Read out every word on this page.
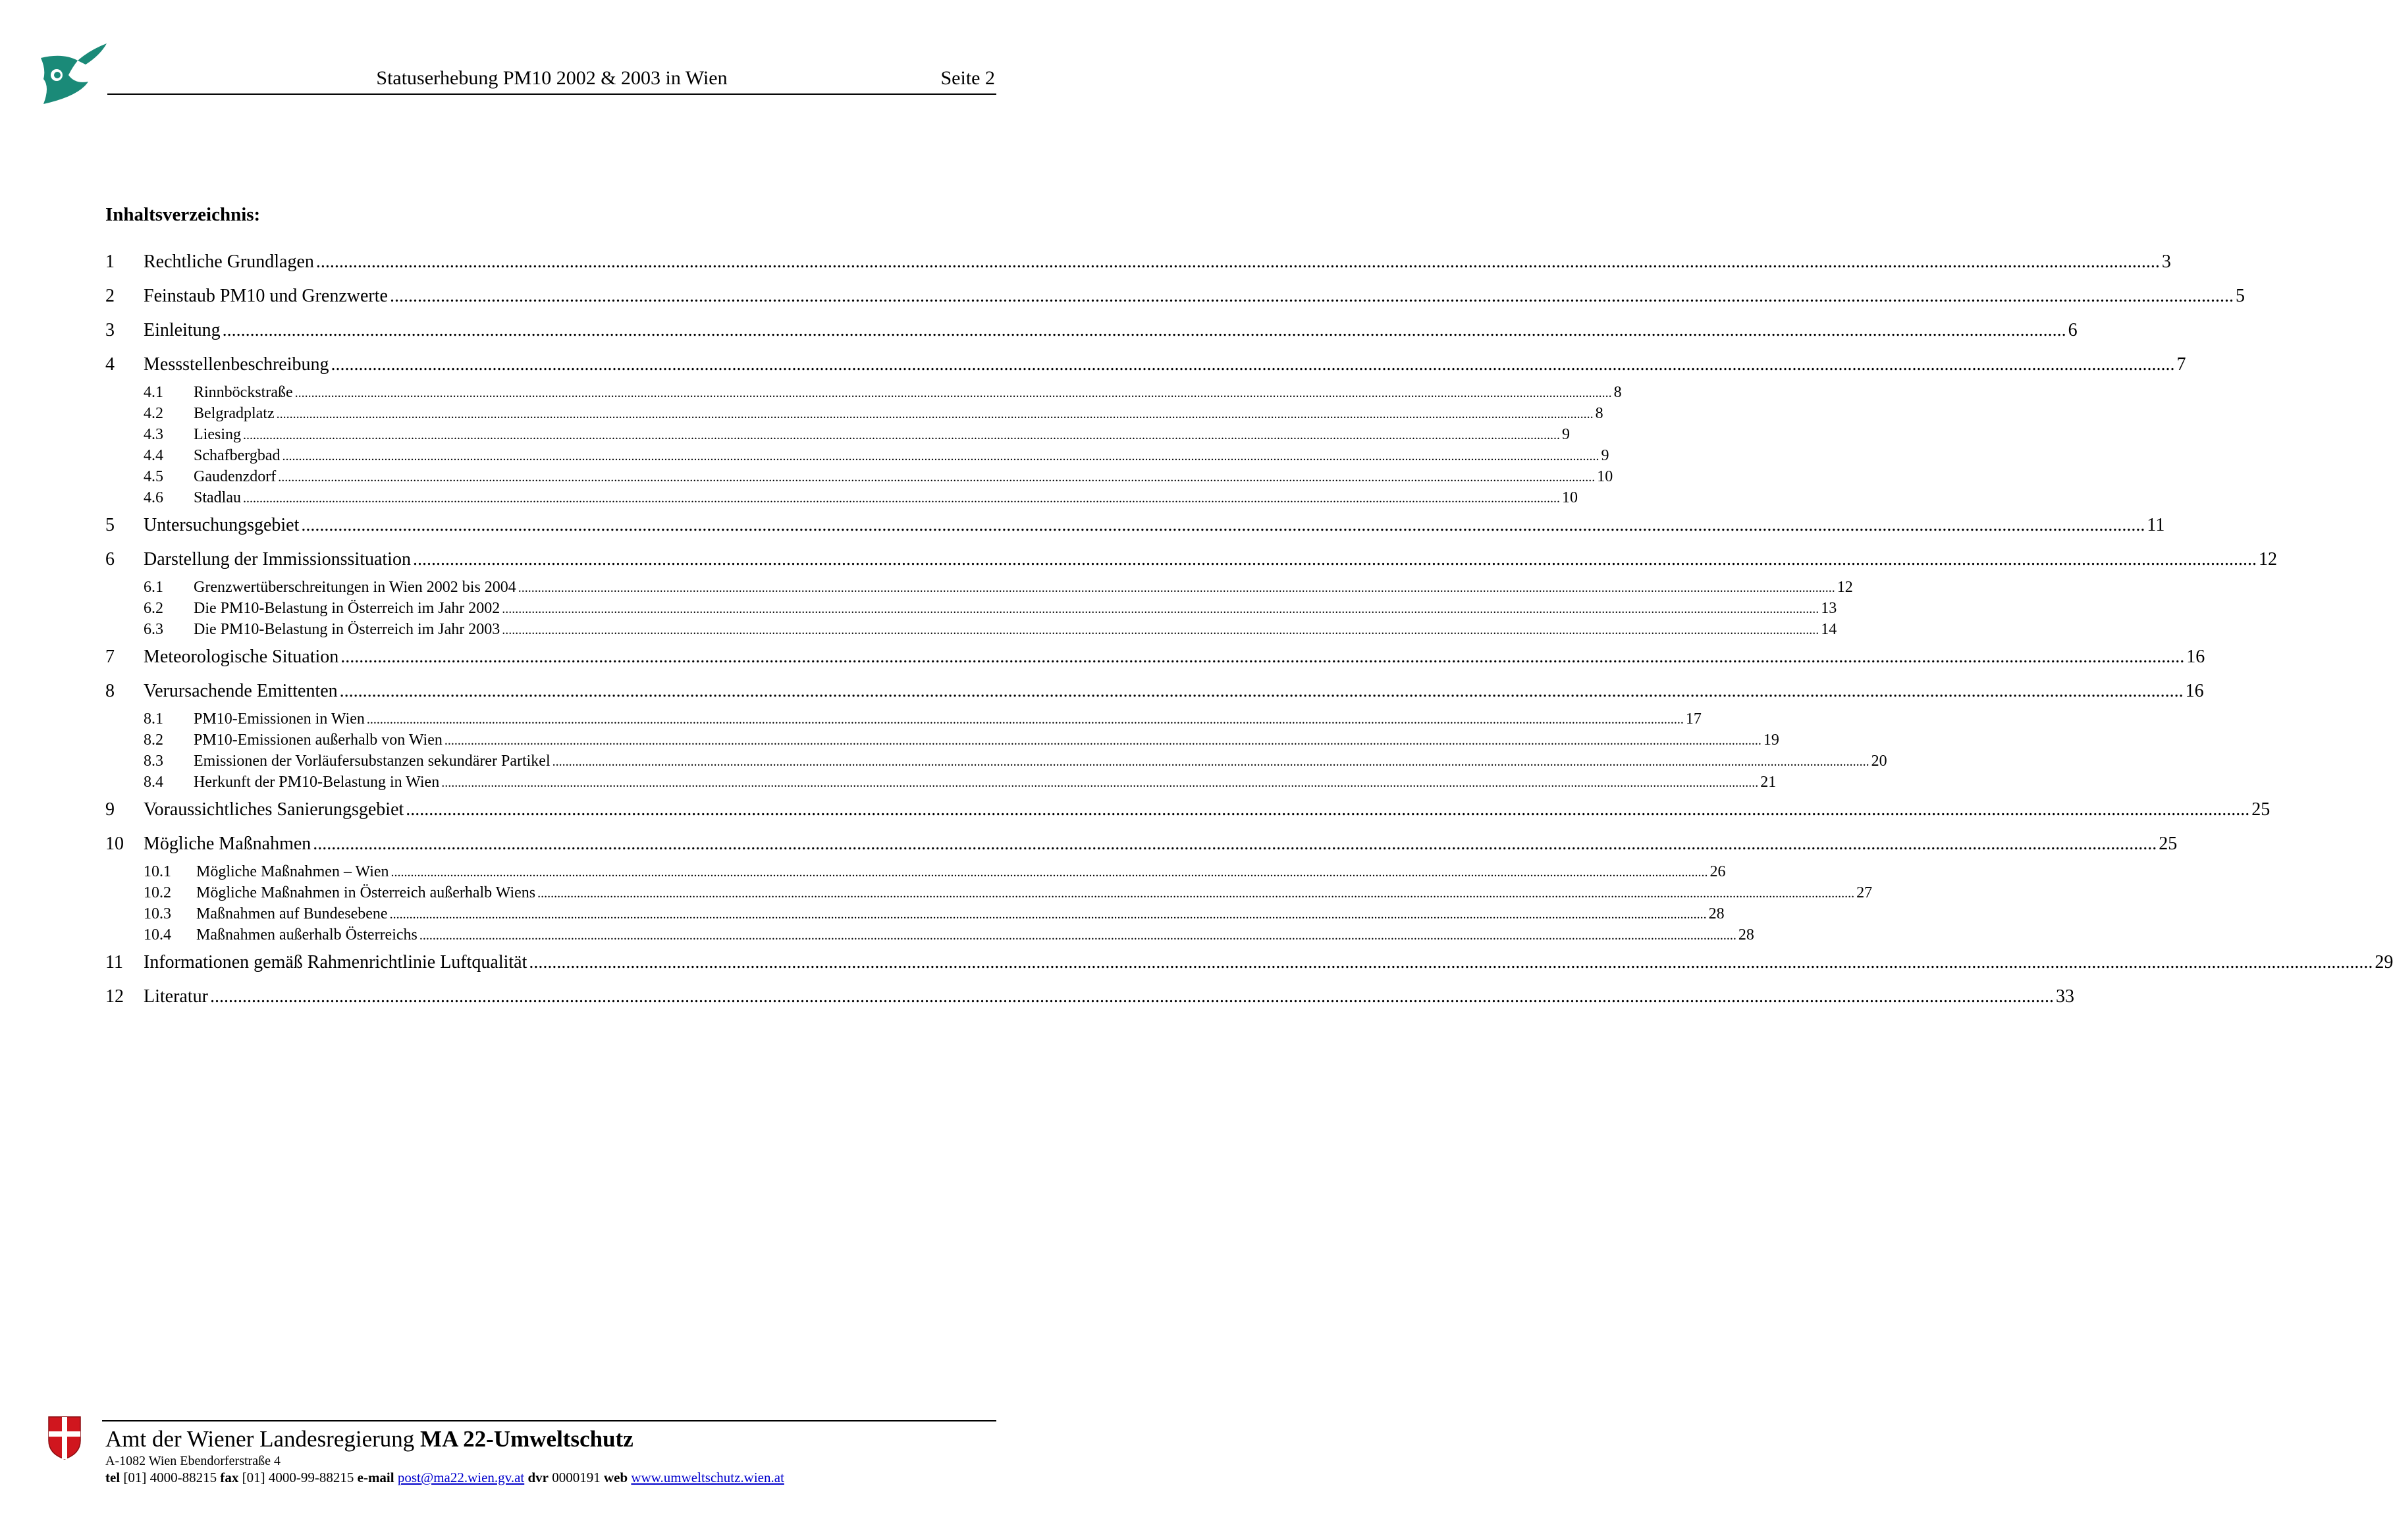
Statuserhebung PM10 2002 & 2003 in Wien	Seite 2
Inhaltsverzeichnis:
1	Rechtliche Grundlagen ................................................................................................................................................................................................................................................................................................................................................................................................................ 3
2	Feinstaub PM10 und Grenzwerte ................................................................................................................................................................................................................................................................................................................................................................................................................ 5
3	Einleitung ................................................................................................................................................................................................................................................................................................................................................................................................................ 6
4	Messstellenbeschreibung ................................................................................................................................................................................................................................................................................................................................................................................................................ 7
4.1	Rinnböckstraße ................................................................................................................................................................................................................................................................................................................................................................................................................ 8
4.2	Belgradplatz ................................................................................................................................................................................................................................................................................................................................................................................................................ 8
4.3	Liesing ................................................................................................................................................................................................................................................................................................................................................................................................................ 9
4.4	Schafbergbad ................................................................................................................................................................................................................................................................................................................................................................................................................ 9
4.5	Gaudenzdorf ................................................................................................................................................................................................................................................................................................................................................................................................................ 10
4.6	Stadlau ................................................................................................................................................................................................................................................................................................................................................................................................................ 10
5	Untersuchungsgebiet ................................................................................................................................................................................................................................................................................................................................................................................................................ 11
6	Darstellung der Immissionssituation ................................................................................................................................................................................................................................................................................................................................................................................................................ 12
6.1	Grenzwertüberschreitungen in Wien 2002 bis 2004 ................................................................................................................................................................................................................................................................................................................................................................................................................ 12
6.2	Die PM10-Belastung in Österreich im Jahr 2002 ................................................................................................................................................................................................................................................................................................................................................................................................................ 13
6.3	Die PM10-Belastung in Österreich im Jahr 2003 ................................................................................................................................................................................................................................................................................................................................................................................................................ 14
7	Meteorologische Situation ................................................................................................................................................................................................................................................................................................................................................................................................................ 16
8	Verursachende Emittenten ................................................................................................................................................................................................................................................................................................................................................................................................................ 16
8.1	PM10-Emissionen in Wien ................................................................................................................................................................................................................................................................................................................................................................................................................ 17
8.2	PM10-Emissionen außerhalb von Wien ................................................................................................................................................................................................................................................................................................................................................................................................................ 19
8.3	Emissionen der Vorläufersubstanzen sekundärer Partikel ................................................................................................................................................................................................................................................................................................................................................................................................................ 20
8.4	Herkunft der PM10-Belastung in Wien ................................................................................................................................................................................................................................................................................................................................................................................................................ 21
9	Voraussichtliches Sanierungsgebiet ................................................................................................................................................................................................................................................................................................................................................................................................................ 25
10	Mögliche Maßnahmen ................................................................................................................................................................................................................................................................................................................................................................................................................ 25
10.1	Mögliche Maßnahmen – Wien ................................................................................................................................................................................................................................................................................................................................................................................................................ 26
10.2	Mögliche Maßnahmen in Österreich außerhalb Wiens ................................................................................................................................................................................................................................................................................................................................................................................................................ 27
10.3	Maßnahmen auf Bundesebene ................................................................................................................................................................................................................................................................................................................................................................................................................ 28
10.4	Maßnahmen außerhalb Österreichs ................................................................................................................................................................................................................................................................................................................................................................................................................ 28
11	Informationen gemäß Rahmenrichtlinie Luftqualität ................................................................................................................................................................................................................................................................................................................................................................................................................ 29
12	Literatur ................................................................................................................................................................................................................................................................................................................................................................................................................ 33
Amt der Wiener Landesregierung MA 22-Umweltschutz
A-1082 Wien Ebendorferstraße 4
tel [01] 4000-88215 fax [01] 4000-99-88215 e-mail post@ma22.wien.gv.at dvr 0000191 web www.umweltschutz.wien.at
